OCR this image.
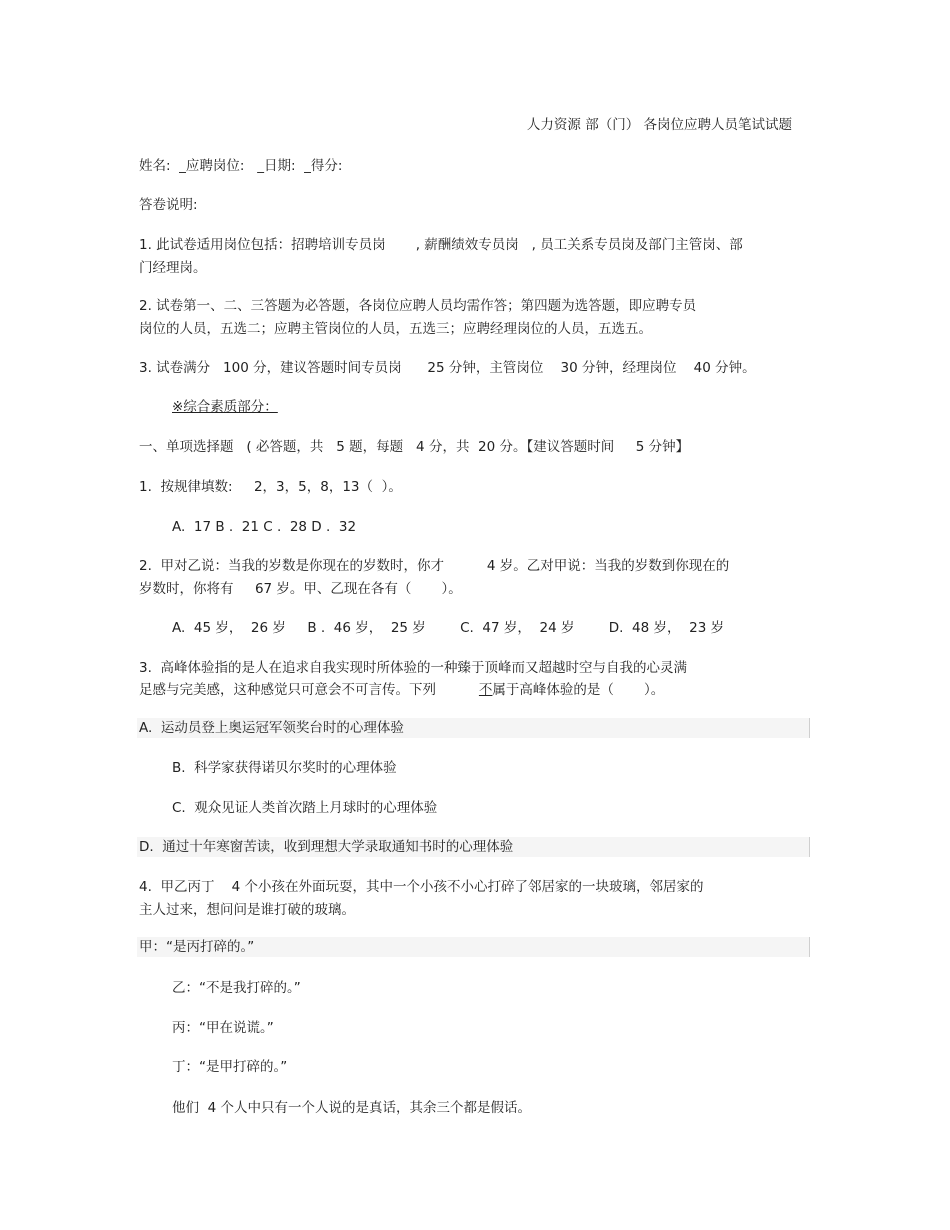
人力资源 部（门） 各岗位应聘人员笔试试题
姓名:  _应聘岗位:   _日期:  _得分:
答卷说明:
1. 此试卷适用岗位包括：招聘培训专员岗       , 薪酬绩效专员岗   , 员工关系专员岗及部门主管岗、部
门经理岗。
2. 试卷第一、二、三答题为必答题，各岗位应聘人员均需作答；第四题为选答题，即应聘专员
岗位的人员，五选二；应聘主管岗位的人员，五选三；应聘经理岗位的人员，五选五。
3. 试卷满分   100 分，建议答题时间专员岗      25 分钟，主管岗位    30 分钟，经理岗位    40 分钟。
※综合素质部分：
一、单项选择题   ( 必答题，共   5 题，每题   4 分，共  20 分。【建议答题时间     5 分钟】
1.  按规律填数:     2，3，5，8，13（  ）。
A.  17 B .  21 C .  28 D .  32
2.  甲对乙说：当我的岁数是你现在的岁数时，你才          4 岁。乙对甲说：当我的岁数到你现在的
岁数时，你将有     67 岁。甲、乙现在各有（       ）。
A.  45 岁，  26 岁     B .  46 岁，  25 岁        C.  47 岁，  24 岁        D.  48 岁，  23 岁
3.  高峰体验指的是人在追求自我实现时所体验的一种臻于顶峰而又超越时空与自我的心灵满
足感与完美感，这种感觉只可意会不可言传。下列          不属于高峰体验的是（       ）。
A.  运动员登上奥运冠军领奖台时的心理体验
B.  科学家获得诺贝尔奖时的心理体验
C.  观众见证人类首次踏上月球时的心理体验
D.  通过十年寒窗苦读，收到理想大学录取通知书时的心理体验
4.  甲乙丙丁    4 个小孩在外面玩耍，其中一个小孩不小心打碎了邻居家的一块玻璃，邻居家的
主人过来，想问问是谁打破的玻璃。
甲：“是丙打碎的。”
乙：“不是我打碎的。”
丙：“甲在说谎。”
丁：“是甲打碎的。”
他们  4 个人中只有一个人说的是真话，其余三个都是假话。
